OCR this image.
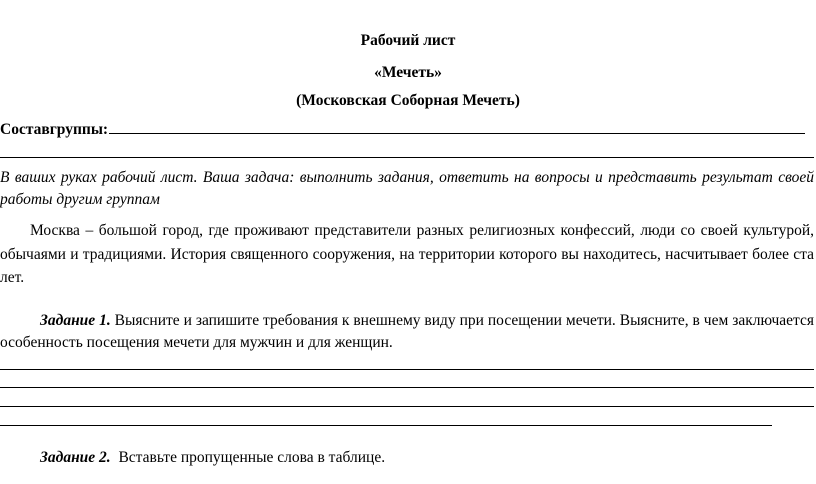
Рабочий лист
«Мечеть»
(Московская Соборная Мечеть)
Составгруппы:
В ваших руках рабочий лист. Ваша задача: выполнить задания, ответить на вопросы и представить результат своей работы другим группам
Москва – большой город, где проживают представители разных религиозных конфессий, люди со своей культурой, обычаями и традициями. История священного сооружения, на территории которого вы находитесь, насчитывает более ста лет.
Задание 1. Выясните и запишите требования к внешнему виду при посещении мечети. Выясните, в чем заключается особенность посещения мечети для мужчин и для женщин.
Задание 2.  Вставьте пропущенные слова в таблице.
